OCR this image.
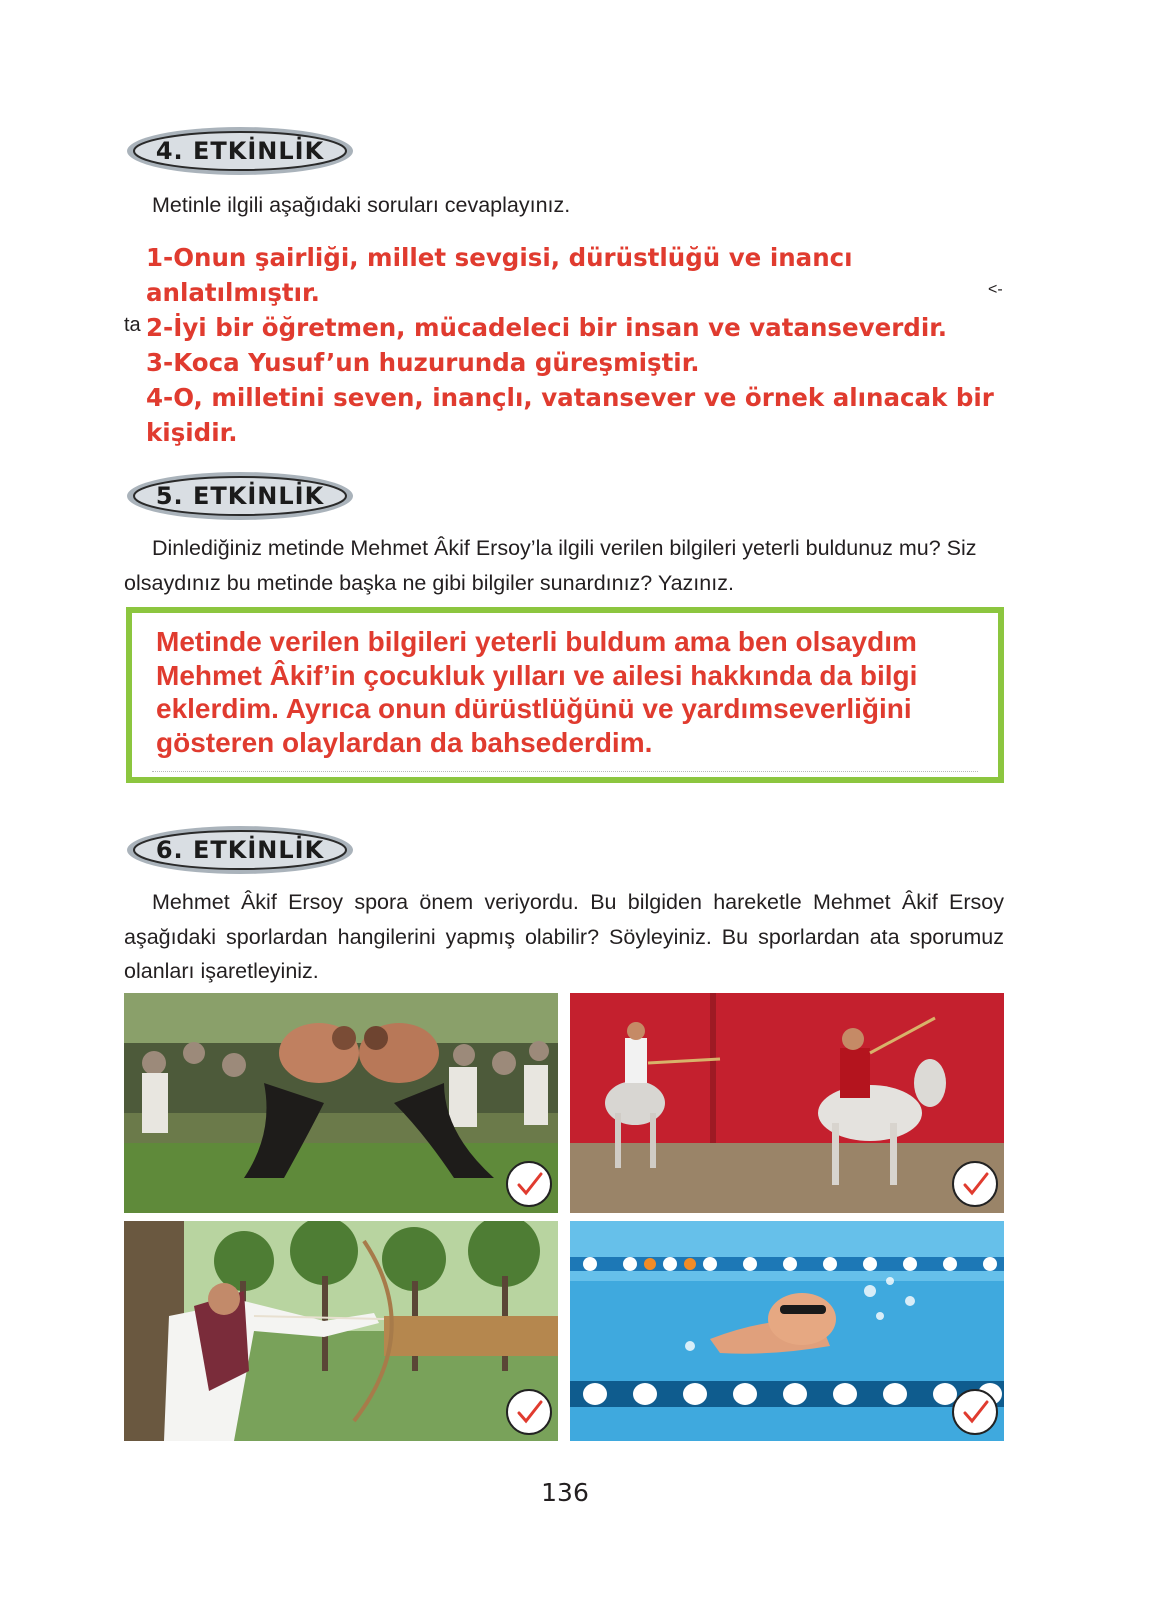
4. ETKİNLİK
Metinle ilgili aşağıdaki soruları cevaplayınız.
1-Onun şairliği, millet sevgisi, dürüstlüğü ve inancı anlatılmıştır.
2-İyi bir öğretmen, mücadeleci bir insan ve vatanseverdir.
3-Koca Yusuf’un huzurunda güreşmiştir.
4-O, milletini seven, inançlı, vatansever ve örnek alınacak bir kişidir.
ta
<-
5. ETKİNLİK
Dinlediğiniz metinde Mehmet Âkif Ersoy’la ilgili verilen bilgileri yeterli buldunuz mu? Siz olsaydınız bu metinde başka ne gibi bilgiler sunardınız? Yazınız.

Metinde verilen bilgileri yeterli buldum ama ben olsaydım Mehmet Âkif’in çocukluk yılları ve ailesi hakkında da bilgi eklerdim. Ayrıca onun dürüstlüğünü ve yardımseverliğini gösteren olaylardan da bahsederdim.

6. ETKİNLİK
Mehmet Âkif Ersoy spora önem veriyordu. Bu bilgiden hareketle Mehmet Âkif Ersoy aşağıdaki sporlardan hangilerini yapmış olabilir? Söyleyiniz. Bu sporlardan ata sporumuz olanları işaretleyiniz.
136
